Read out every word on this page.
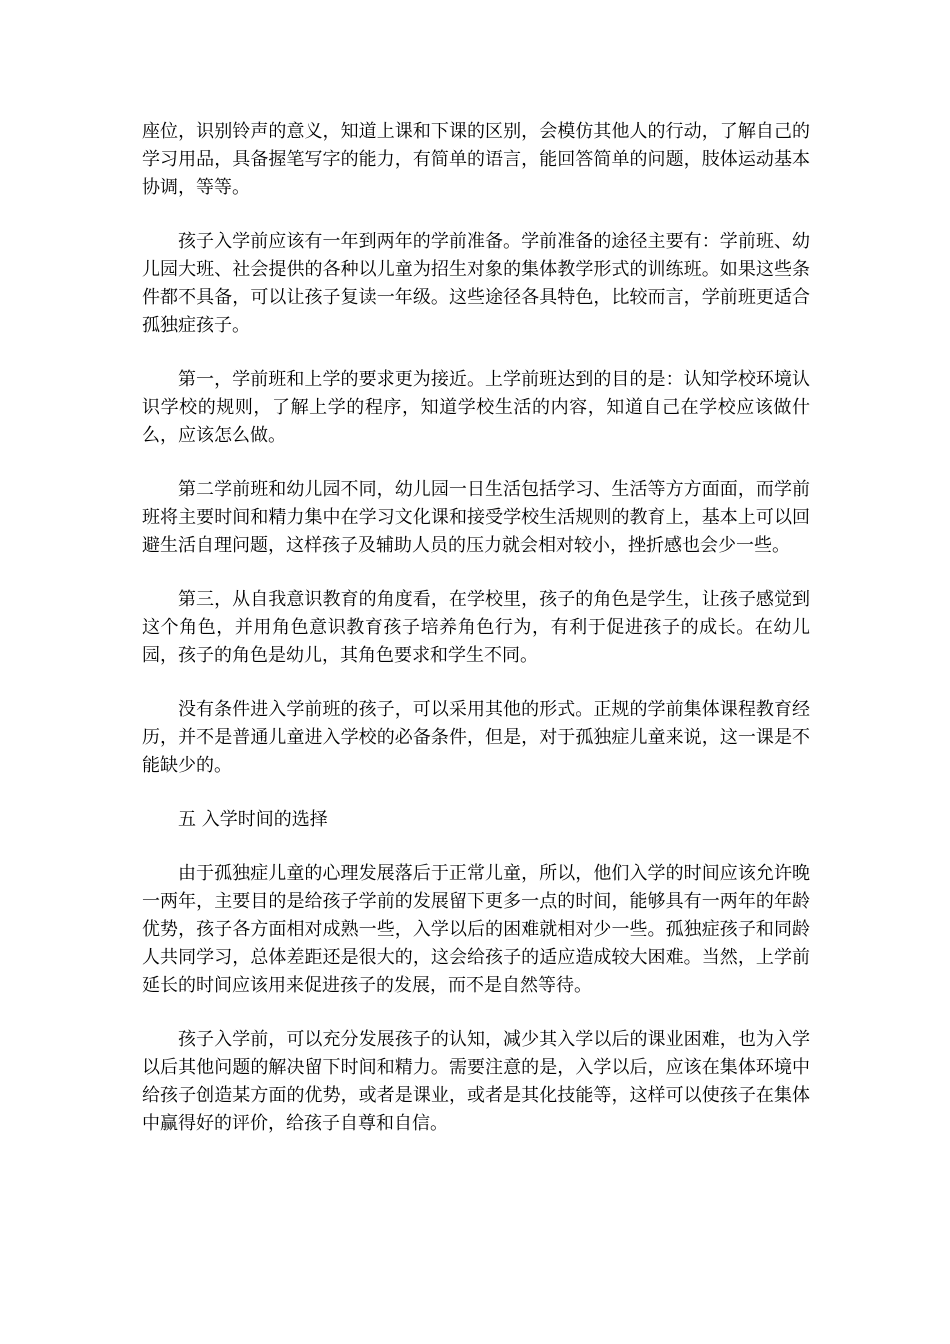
座位，识别铃声的意义，知道上课和下课的区别，会模仿其他人的行动，了解自己的学习用品，具备握笔写字的能力，有简单的语言，能回答简单的问题，肢体运动基本协调，等等。

孩子入学前应该有一年到两年的学前准备。学前准备的途径主要有：学前班、幼儿园大班、社会提供的各种以儿童为招生对象的集体教学形式的训练班。如果这些条件都不具备，可以让孩子复读一年级。这些途径各具特色，比较而言，学前班更适合孤独症孩子。

第一，学前班和上学的要求更为接近。上学前班达到的目的是：认知学校环境认识学校的规则，了解上学的程序，知道学校生活的内容，知道自己在学校应该做什么，应该怎么做。

第二学前班和幼儿园不同，幼儿园一日生活包括学习、生活等方方面面，而学前班将主要时间和精力集中在学习文化课和接受学校生活规则的教育上，基本上可以回避生活自理问题，这样孩子及辅助人员的压力就会相对较小，挫折感也会少一些。

第三，从自我意识教育的角度看，在学校里，孩子的角色是学生，让孩子感觉到这个角色，并用角色意识教育孩子培养角色行为，有利于促进孩子的成长。在幼儿园，孩子的角色是幼儿，其角色要求和学生不同。

没有条件进入学前班的孩子，可以采用其他的形式。正规的学前集体课程教育经历，并不是普通儿童进入学校的必备条件，但是，对于孤独症儿童来说，这一课是不能缺少的。

五 入学时间的选择

由于孤独症儿童的心理发展落后于正常儿童，所以，他们入学的时间应该允许晚一两年，主要目的是给孩子学前的发展留下更多一点的时间，能够具有一两年的年龄优势，孩子各方面相对成熟一些，入学以后的困难就相对少一些。孤独症孩子和同龄人共同学习，总体差距还是很大的，这会给孩子的适应造成较大困难。当然，上学前延长的时间应该用来促进孩子的发展，而不是自然等待。

孩子入学前，可以充分发展孩子的认知，减少其入学以后的课业困难，也为入学以后其他问题的解决留下时间和精力。需要注意的是，入学以后，应该在集体环境中给孩子创造某方面的优势，或者是课业，或者是其化技能等，这样可以使孩子在集体中赢得好的评价，给孩子自尊和自信。
